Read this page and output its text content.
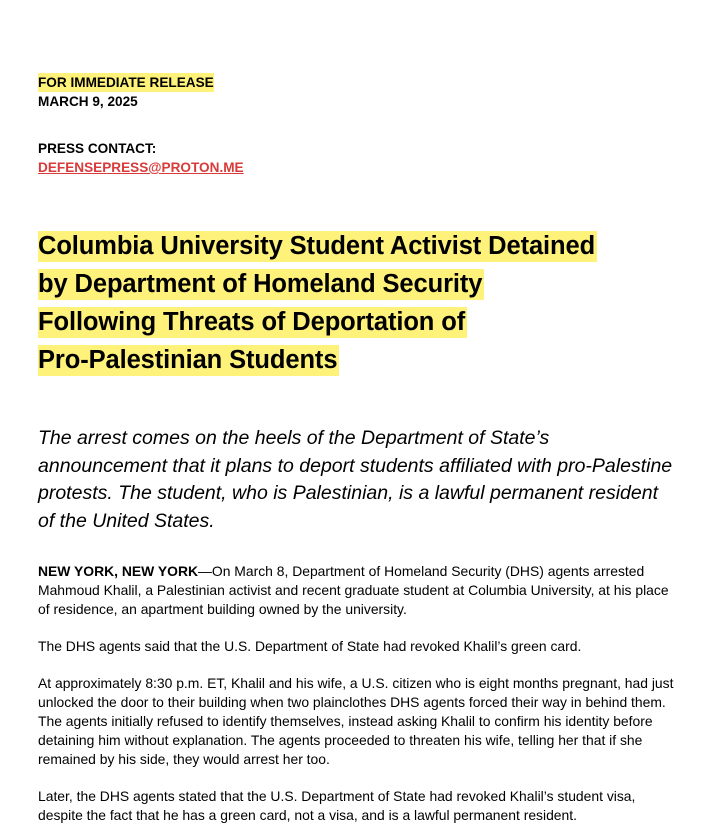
FOR IMMEDIATE RELEASE

MARCH 9, 2025

PRESS CONTACT:

DEFENSEPRESS@PROTON.ME
Columbia University Student Activist Detained
by Department of Homeland Security
Following Threats of Deportation of
Pro-Palestinian Students

The arrest comes on the heels of the Department of State’s announcement that it plans to deport students affiliated with pro-Palestine protests. The student, who is Palestinian, is a lawful permanent resident of the United States.

NEW YORK, NEW YORK—On March 8, Department of Homeland Security (DHS) agents arrested Mahmoud Khalil, a Palestinian activist and recent graduate student at Columbia University, at his place of residence, an apartment building owned by the university.

The DHS agents said that the U.S. Department of State had revoked Khalil’s green card.

At approximately 8:30 p.m. ET, Khalil and his wife, a U.S. citizen who is eight months pregnant, had just unlocked the door to their building when two plainclothes DHS agents forced their way in behind them. The agents initially refused to identify themselves, instead asking Khalil to confirm his identity before detaining him without explanation. The agents proceeded to threaten his wife, telling her that if she remained by his side, they would arrest her too.

Later, the DHS agents stated that the U.S. Department of State had revoked Khalil’s student visa, despite the fact that he has a green card, not a visa, and is a lawful permanent resident.
